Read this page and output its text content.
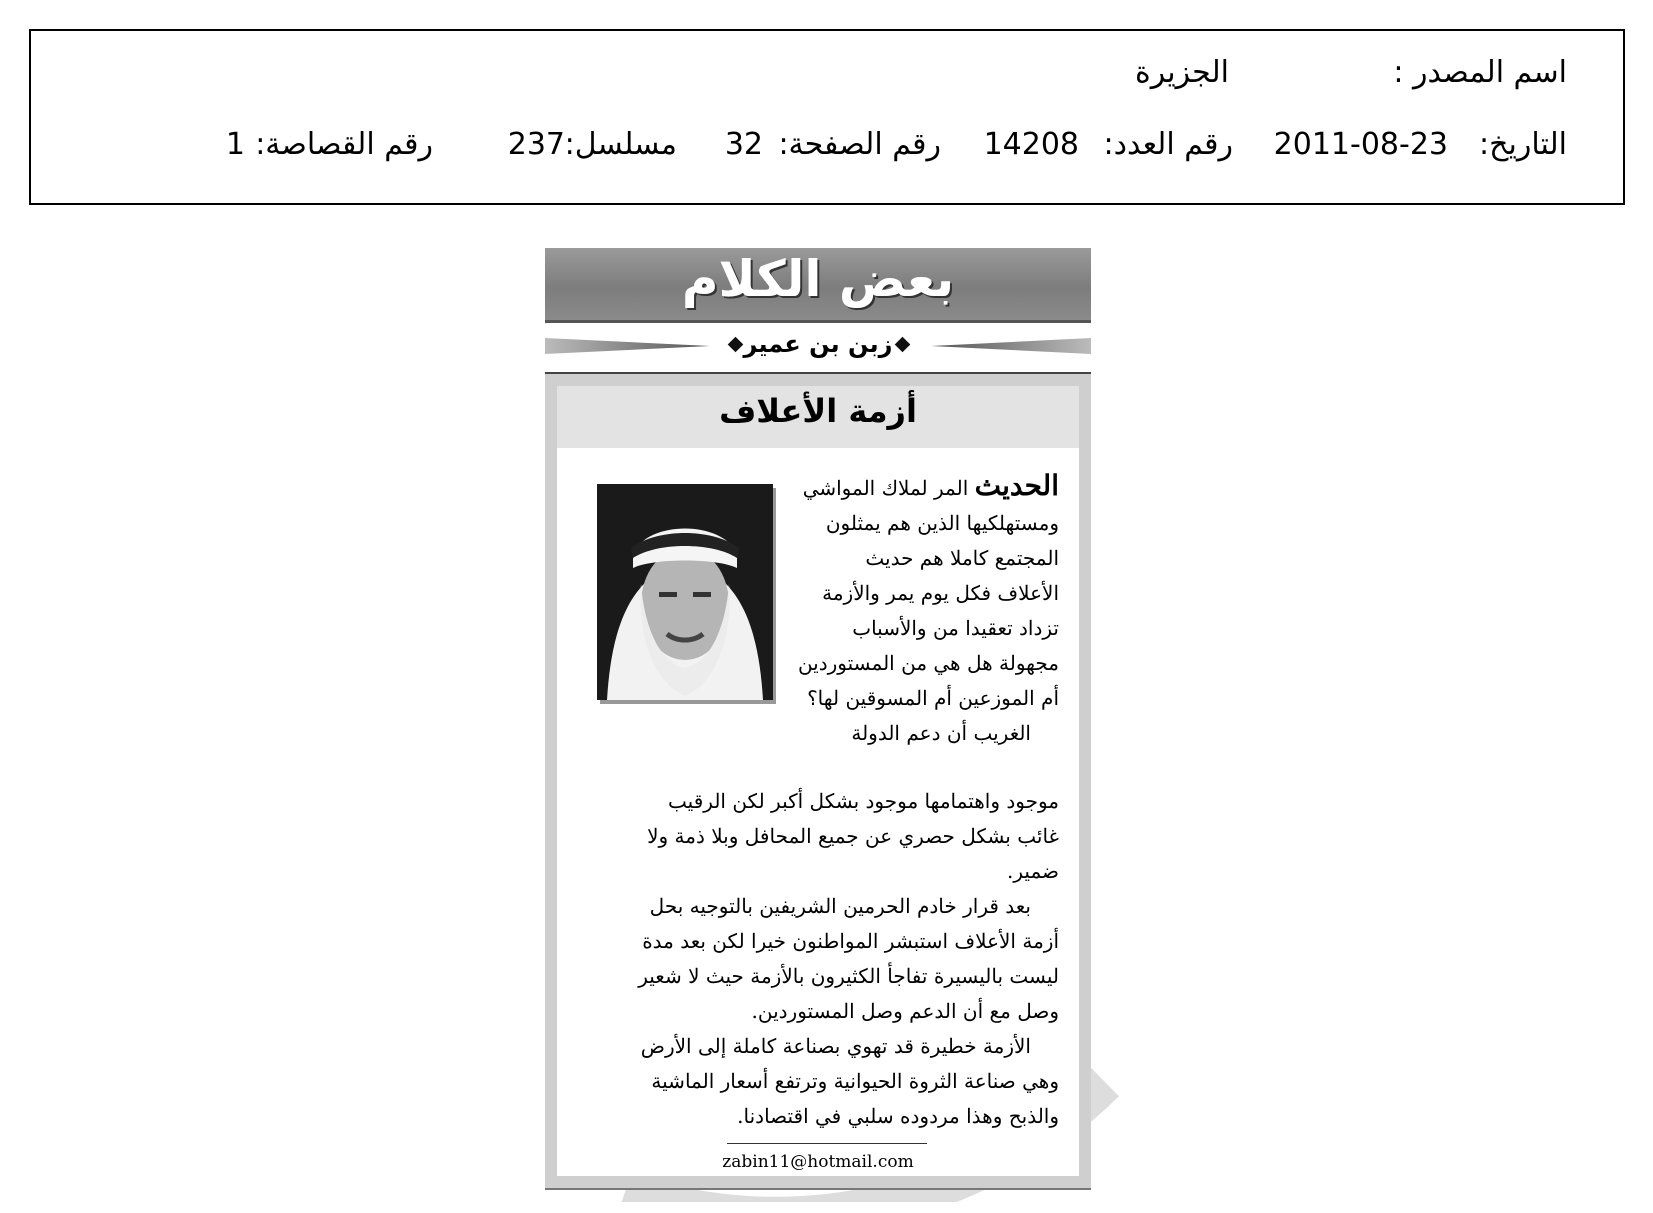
اسم المصدر :
الجزيرة
التاريخ:
2011-08-23
رقم العدد:
14208
رقم الصفحة:
32
مسلسل:
237
رقم القصاصة:
1
بعض الكلام
زبن بن عمير
أزمة الأعلاف
الحديث المر لملاك المواشي
ومستهلكيها الذين هم يمثلون
المجتمع كاملا هم حديث
الأعلاف فكل يوم يمر والأزمة
تزداد تعقيدا من والأسباب
مجهولة هل هي من المستوردين
أم الموزعين أم المسوقين لها؟
الغريب أن دعم الدولة
موجود واهتمامها موجود بشكل أكبر لكن الرقيب
غائب بشكل حصري عن جميع المحافل وبلا ذمة ولا
ضمير.
بعد قرار خادم الحرمين الشريفين بالتوجيه بحل
أزمة الأعلاف استبشر المواطنون خيرا لكن بعد مدة
ليست باليسيرة تفاجأ الكثيرون بالأزمة حيث لا شعير
وصل مع أن الدعم وصل المستوردين.
الأزمة خطيرة قد تهوي بصناعة كاملة إلى الأرض
وهي صناعة الثروة الحيوانية وترتفع أسعار الماشية
والذبح وهذا مردوده سلبي في اقتصادنا.
zabin11@hotmail.com
